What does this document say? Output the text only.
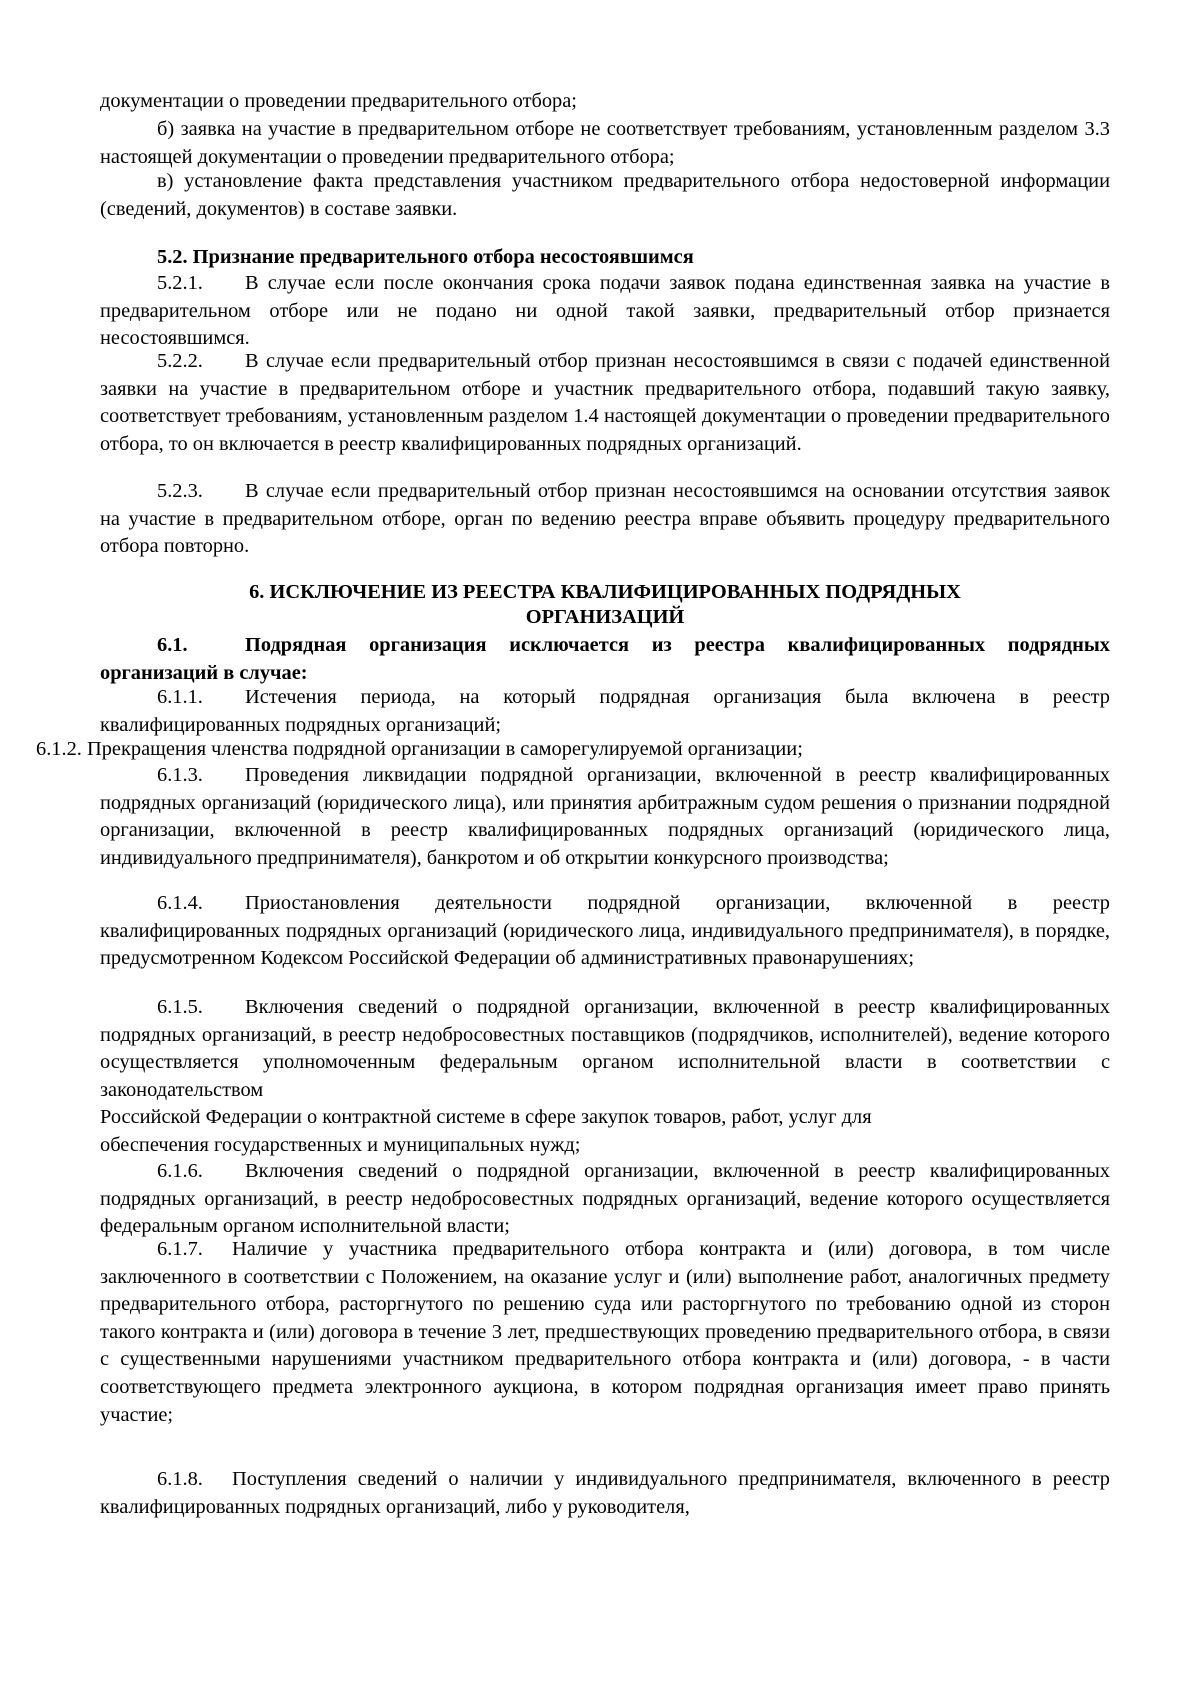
документации о проведении предварительного отбора;

б) заявка на участие в предварительном отборе не соответствует требованиям, установленным разделом 3.3 настоящей документации о проведении предварительного отбора;

в) установление факта представления участником предварительного отбора недостоверной информации (сведений, документов) в составе заявки.

5.2. Признание предварительного отбора несостоявшимся

5.2.1. В случае если после окончания срока подачи заявок подана единственная заявка на участие в предварительном отборе или не подано ни одной такой заявки, предварительный отбор признается несостоявшимся.

5.2.2. В случае если предварительный отбор признан несостоявшимся в связи с подачей единственной заявки на участие в предварительном отборе и участник предварительного отбора, подавший такую заявку, соответствует требованиям, установленным разделом 1.4 настоящей документации о проведении предварительного отбора, то он включается в реестр квалифицированных подрядных организаций.

5.2.3. В случае если предварительный отбор признан несостоявшимся на основании отсутствия заявок на участие в предварительном отборе, орган по ведению реестра вправе объявить процедуру предварительного отбора повторно.

6. ИСКЛЮЧЕНИЕ ИЗ РЕЕСТРА КВАЛИФИЦИРОВАННЫХ ПОДРЯДНЫХ

ОРГАНИЗАЦИЙ

6.1.	Подрядная организация исключается из реестра квалифицированных подрядных организаций в случае:

6.1.1. Истечения периода, на который подрядная организация была включена в реестр квалифицированных подрядных организаций;

6.1.2. Прекращения членства подрядной организации в саморегулируемой организации;

6.1.3. Проведения ликвидации подрядной организации, включенной в реестр квалифицированных подрядных организаций (юридического лица), или принятия арбитражным судом решения о признании подрядной организации, включенной в реестр квалифицированных подрядных организаций (юридического лица, индивидуального предпринимателя), банкротом и об открытии конкурсного производства;

6.1.4. Приостановления деятельности подрядной организации, включенной в реестр квалифицированных подрядных организаций (юридического лица, индивидуального предпринимателя), в порядке, предусмотренном Кодексом Российской Федерации об административных правонарушениях;

6.1.5. Включения сведений о подрядной организации, включенной в реестр квалифицированных подрядных организаций, в реестр недобросовестных поставщиков (подрядчиков, исполнителей), ведение которого осуществляется уполномоченным федеральным органом исполнительной власти в соответствии с законодательством

Российской Федерации о контрактной системе в сфере закупок товаров, работ, услуг для обеспечения государственных и муниципальных нужд;

6.1.6. Включения сведений о подрядной организации, включенной в реестр квалифицированных подрядных организаций, в реестр недобросовестных подрядных организаций, ведение которого осуществляется федеральным органом исполнительной власти;

6.1.7. Наличие у участника предварительного отбора контракта и (или) договора, в том числе заключенного в соответствии с Положением, на оказание услуг и (или) выполнение работ, аналогичных предмету предварительного отбора, расторгнутого по решению суда или расторгнутого по требованию одной из сторон такого контракта и (или) договора в течение 3 лет, предшествующих проведению предварительного отбора, в связи с существенными нарушениями участником предварительного отбора контракта и (или) договора, - в части соответствующего предмета электронного аукциона, в котором подрядная организация имеет право принять участие;

6.1.8. Поступления сведений о наличии у индивидуального предпринимателя, включенного в реестр квалифицированных подрядных организаций, либо у руководителя,
